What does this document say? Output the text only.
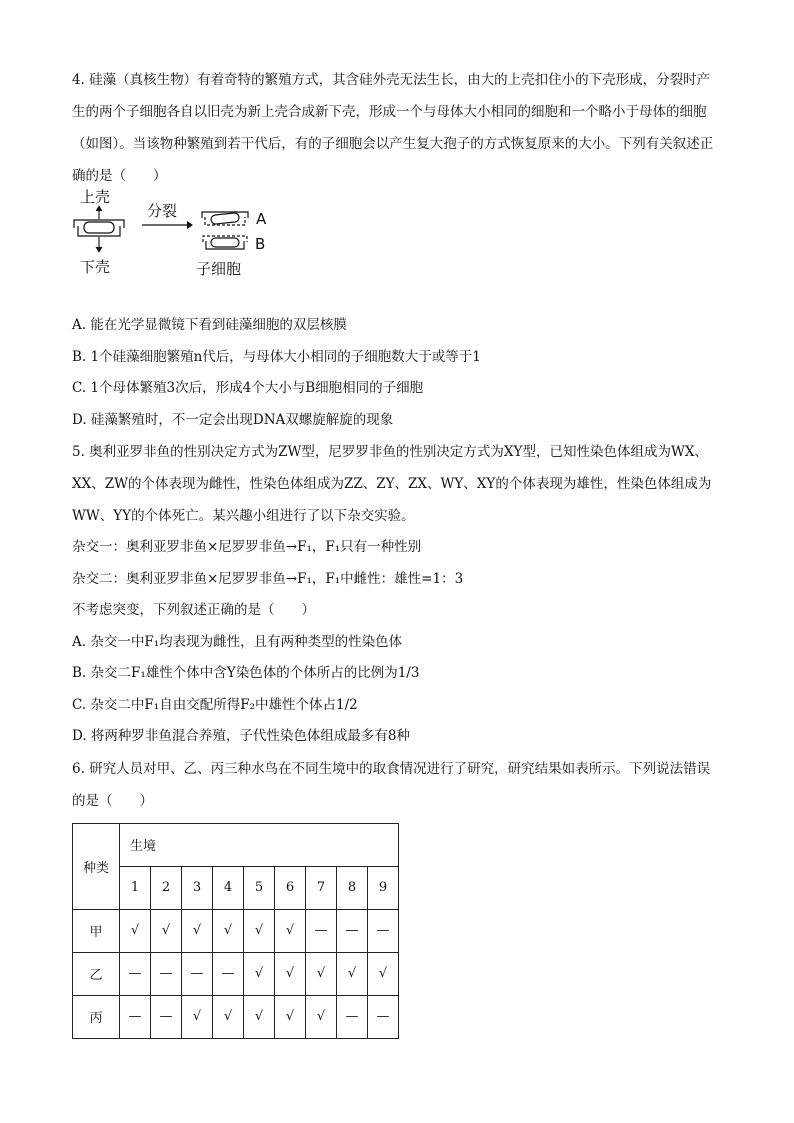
4. 硅藻（真核生物）有着奇特的繁殖方式，其含硅外壳无法生长，由大的上壳扣住小的下壳形成，分裂时产生的两个子细胞各自以旧壳为新上壳合成新下壳，形成一个与母体大小相同的细胞和一个略小于母体的细胞（如图）。当该物种繁殖到若干代后，有的子细胞会以产生复大孢子的方式恢复原来的大小。下列有关叙述正确的是（　　）

上壳
下壳
分裂	A
B
子细胞

A. 能在光学显微镜下看到硅藻细胞的双层核膜

B. 1个硅藻细胞繁殖n代后，与母体大小相同的子细胞数大于或等于1

C. 1个母体繁殖3次后，形成4个大小与B细胞相同的子细胞

D. 硅藻繁殖时，不一定会出现DNA双螺旋解旋的现象

5. 奥利亚罗非鱼的性别决定方式为ZW型，尼罗罗非鱼的性别决定方式为XY型，已知性染色体组成为WX、XX、ZW的个体表现为雌性，性染色体组成为ZZ、ZY、ZX、WY、XY的个体表现为雄性，性染色体组成为WW、YY的个体死亡。某兴趣小组进行了以下杂交实验。

杂交一：奥利亚罗非鱼×尼罗罗非鱼→F₁，F₁只有一种性别

杂交二：奥利亚罗非鱼×尼罗罗非鱼→F₁，F₁中雌性：雄性=1：3

不考虑突变，下列叙述正确的是（　　）

A. 杂交一中F₁均表现为雌性，且有两种类型的性染色体

B. 杂交二F₁雄性个体中含Y染色体的个体所占的比例为1/3

C. 杂交二中F₁自由交配所得F₂中雄性个体占1/2

D. 将两种罗非鱼混合养殖，子代性染色体组成最多有8种

6. 研究人员对甲、乙、丙三种水鸟在不同生境中的取食情况进行了研究，研究结果如表所示。下列说法错误的是（　　）

种类	生境								
	1	2	3	4	5	6	7	8	9
甲	√	√	√	√	√	√	—	—	—
乙	—	—	—	—	√	√	√	√	√
丙	—	—	√	√	√	√	√	—	—
